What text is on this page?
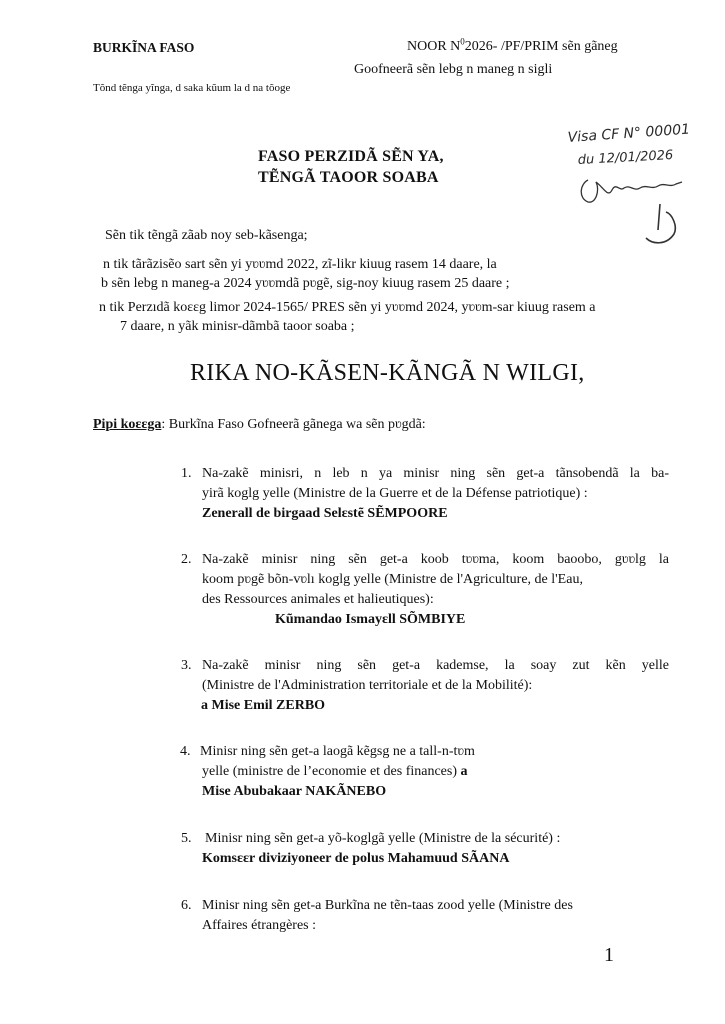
BURKĨNA FASO	NOOR $N^02026-$ /PF/PRIM sẽn gãneg
Goofneerã sẽn lebg n maneg n sigli
Tõnd tẽnga yĩnga, d saka kũum la d na tõoge
Visa CF N° 00001
du 12/01/2026
FASO PERZIDÃ SẼN YA,
TẼNGÃ TAOOR SOABA
Sẽn tik tẽngã zãab noy seb-kãsenga;
n tik tãrãzisẽo sart sẽn yi yʋʋmd 2022, zĩ-likr kiuug rasem 14 daare, la
b sẽn lebg n maneg-a 2024 yʋʋmdã pʋgẽ, sig-noy kiuug rasem 25 daare ;
n tik Perzıdã koɛɛg limor 2024-1565/ PRES sẽn yi yʋʋmd 2024, yʋʋm-sar kiuug rasem a
7 daare, n yãk minisr-dãmbã taoor soaba ;
RIKA NO-KÃSEN-KÃNGÃ N WILGI,
Pipi koɛɛga: Burkĩna Faso Gofneerã gãnega wa sẽn pʋgdã:
1. Na-zakẽ minisri, n leb n ya minisr ning sẽn get-a tãnsobendã la ba-
yirã koglg yelle (Ministre de la Guerre et de la Défense patriotique) :
Zenerall de birgaad Selɛstẽ SẼMPOORE
2. Na-zakẽ minisr ning sẽn get-a koob tʋʋma, koom baoobo, gʋʋlg la
koom pʋgẽ bõn-vʋlı koglg yelle (Ministre de l'Agriculture, de l'Eau,
des Ressources animales et halieutiques):
Kũmandao Ismayɛll SÕMBIYE
3. Na-zakẽ minisr ning sẽn get-a kademse, la soay zut kẽn yelle
(Ministre de l'Administration territoriale et de la Mobilité):
a Mise Emil ZERBO
4. Minisr ning sẽn get-a laogã kẽgsg ne a tall-n-tʋm
yelle (ministre de l’economie et des finances) a
Mise Abubakaar NAKÃNEBO
5. Minisr ning sẽn get-a yõ-koglgã yelle (Ministre de la sécurité) :
Komsɛɛr diviziyoneer de polus Mahamuud SÃANA
6. Minisr ning sẽn get-a Burkĩna ne tẽn-taas zood yelle (Ministre des
Affaires étrangères :
1
